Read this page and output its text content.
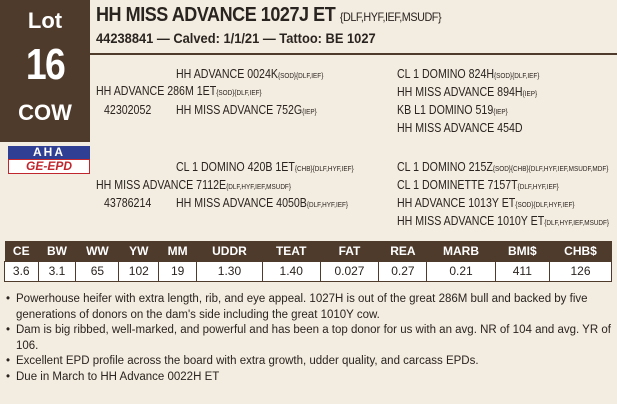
Lot
16
COW
HH MISS ADVANCE 1027J ET {DLF,HYF,IEF,MSUDF}
44238841 — Calved: 1/1/21 — Tattoo: BE 1027
HH ADVANCE 0024K{SOD}{DLF,IEF}
HH ADVANCE 286M 1ET{SOD}{DLF,IEF}
42302052 HH MISS ADVANCE 752G{IEP}
CL 1 DOMINO 824H{SOD}{DLF,IEF}
HH MISS ADVANCE 894H{IEP}
KB L1 DOMINO 519{IEP}
HH MISS ADVANCE 454D
AHA
GE-EPD	CL 1 DOMINO 420B 1ET{CHB}{DLF,HYF,IEF}
HH MISS ADVANCE 7112E{DLF,HYF,IEF,MSUDF}
43786214 HH MISS ADVANCE 4050B{DLF,HYF,IEF}
CL 1 DOMINO 215Z{SOD}{CHB}{DLF,HYF,IEF,MSUDF,MDF}
CL 1 DOMINETTE 7157T{DLF,HYF,IEF}
HH ADVANCE 1013Y ET{SOD}{DLF,HYF,IEF}
HH MISS ADVANCE 1010Y ET{DLF,HYF,IEF,MSUDF}
CE	BW	WW	YW	MM	UDDR	TEAT	FAT	REA	MARB	BMI$	CHB$
3.6	3.1	65	102	19	1.30	1.40	0.027	0.27	0.21	411	126
• Powerhouse heifer with extra length, rib, and eye appeal. 1027H is out of the great 286M bull and backed by five generations of donors on the dam's side including the great 1010Y cow.
• Dam is big ribbed, well-marked, and powerful and has been a top donor for us with an avg. NR of 104 and avg. YR of 106.
• Excellent EPD profile across the board with extra growth, udder quality, and carcass EPDs.
• Due in March to HH Advance 0022H ET
